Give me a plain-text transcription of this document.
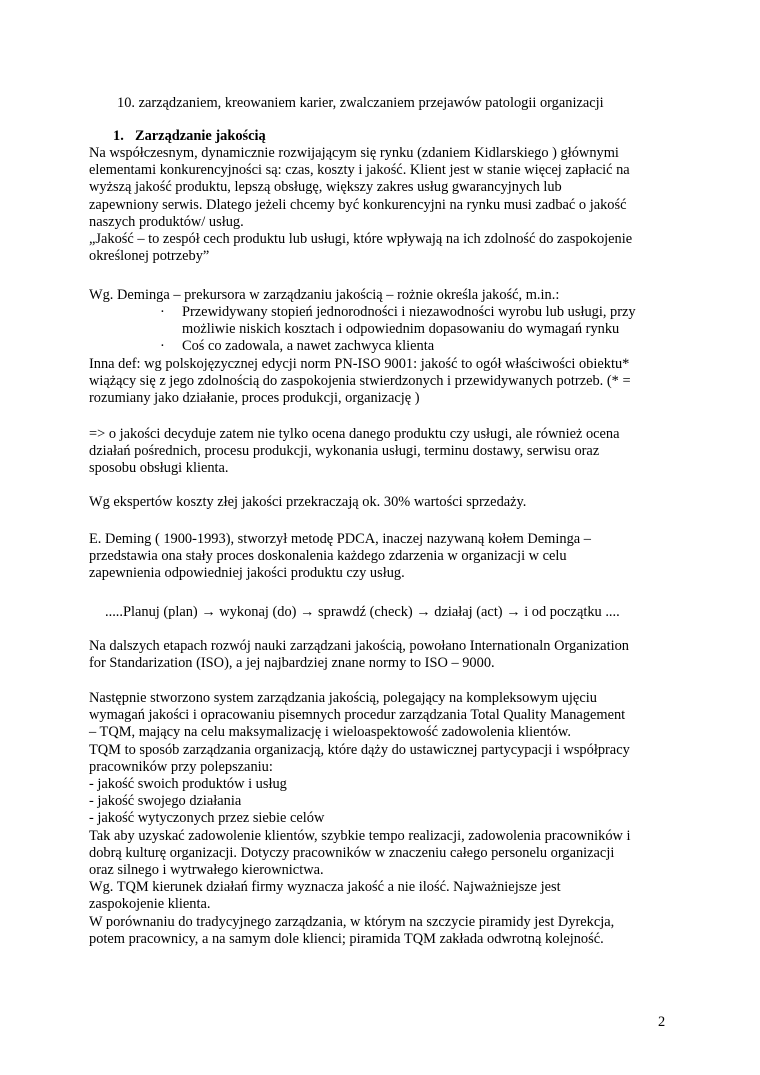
10. zarządzaniem, kreowaniem karier, zwalczaniem przejawów patologii organizacji
1. Zarządzanie jakością
Na współczesnym, dynamicznie rozwijającym się rynku (zdaniem Kidlarskiego ) głównymi
elementami konkurencyjności są: czas, koszty i jakość. Klient jest w stanie więcej zapłacić na
wyższą jakość produktu, lepszą obsługę, większy zakres usług gwarancyjnych lub
zapewniony serwis. Dlatego jeżeli chcemy być konkurencyjni na rynku musi zadbać o jakość
naszych produktów/ usług.
„Jakość – to zespół cech produktu lub usługi, które wpływają na ich zdolność do zaspokojenie
określonej potrzeby”
Wg. Deminga – prekursora w zarządzaniu jakością – rożnie określa jakość, m.in.:
·	Przewidywany stopień jednorodności i niezawodności wyrobu lub usługi, przy
możliwie niskich kosztach i odpowiednim dopasowaniu do wymagań rynku
·	Coś co zadowala, a nawet zachwyca klienta
Inna def: wg polskojęzycznej edycji norm PN-ISO 9001: jakość to ogół właściwości obiektu*
wiążący się z jego zdolnością do zaspokojenia stwierdzonych i przewidywanych potrzeb. (* =
rozumiany jako działanie, proces produkcji, organizację )
=> o jakości decyduje zatem nie tylko ocena danego produktu czy usługi, ale również ocena
działań pośrednich, procesu produkcji, wykonania usługi, terminu dostawy, serwisu oraz
sposobu obsługi klienta.
Wg ekspertów koszty złej jakości przekraczają ok. 30% wartości sprzedaży.
E. Deming ( 1900-1993), stworzył metodę PDCA, inaczej nazywaną kołem Deminga –
przedstawia ona stały proces doskonalenia każdego zdarzenia w organizacji w celu
zapewnienia odpowiedniej jakości produktu czy usług.
.....Planuj (plan) → wykonaj (do) → sprawdź (check) → działaj (act) → i od początku ....
Na dalszych etapach rozwój nauki zarządzani jakością, powołano Internationaln Organization
for Standarization (ISO), a jej najbardziej znane normy to ISO – 9000.
Następnie stworzono system zarządzania jakością, polegający na kompleksowym ujęciu
wymagań jakości i opracowaniu pisemnych procedur zarządzania Total Quality Management
– TQM, mający na celu maksymalizację i wieloaspektowość zadowolenia klientów.
TQM to sposób zarządzania organizacją, które dąży do ustawicznej partycypacji i współpracy
pracowników przy polepszaniu:
- jakość swoich produktów i usług
- jakość swojego działania
- jakość wytyczonych przez siebie celów
Tak aby uzyskać zadowolenie klientów, szybkie tempo realizacji, zadowolenia pracowników i
dobrą kulturę organizacji. Dotyczy pracowników w znaczeniu całego personelu organizacji
oraz silnego i wytrwałego kierownictwa.
Wg. TQM kierunek działań firmy wyznacza jakość a nie ilość. Najważniejsze jest
zaspokojenie klienta.
W porównaniu do tradycyjnego zarządzania, w którym na szczycie piramidy jest Dyrekcja,
potem pracownicy, a na samym dole klienci; piramida TQM zakłada odwrotną kolejność.
2
